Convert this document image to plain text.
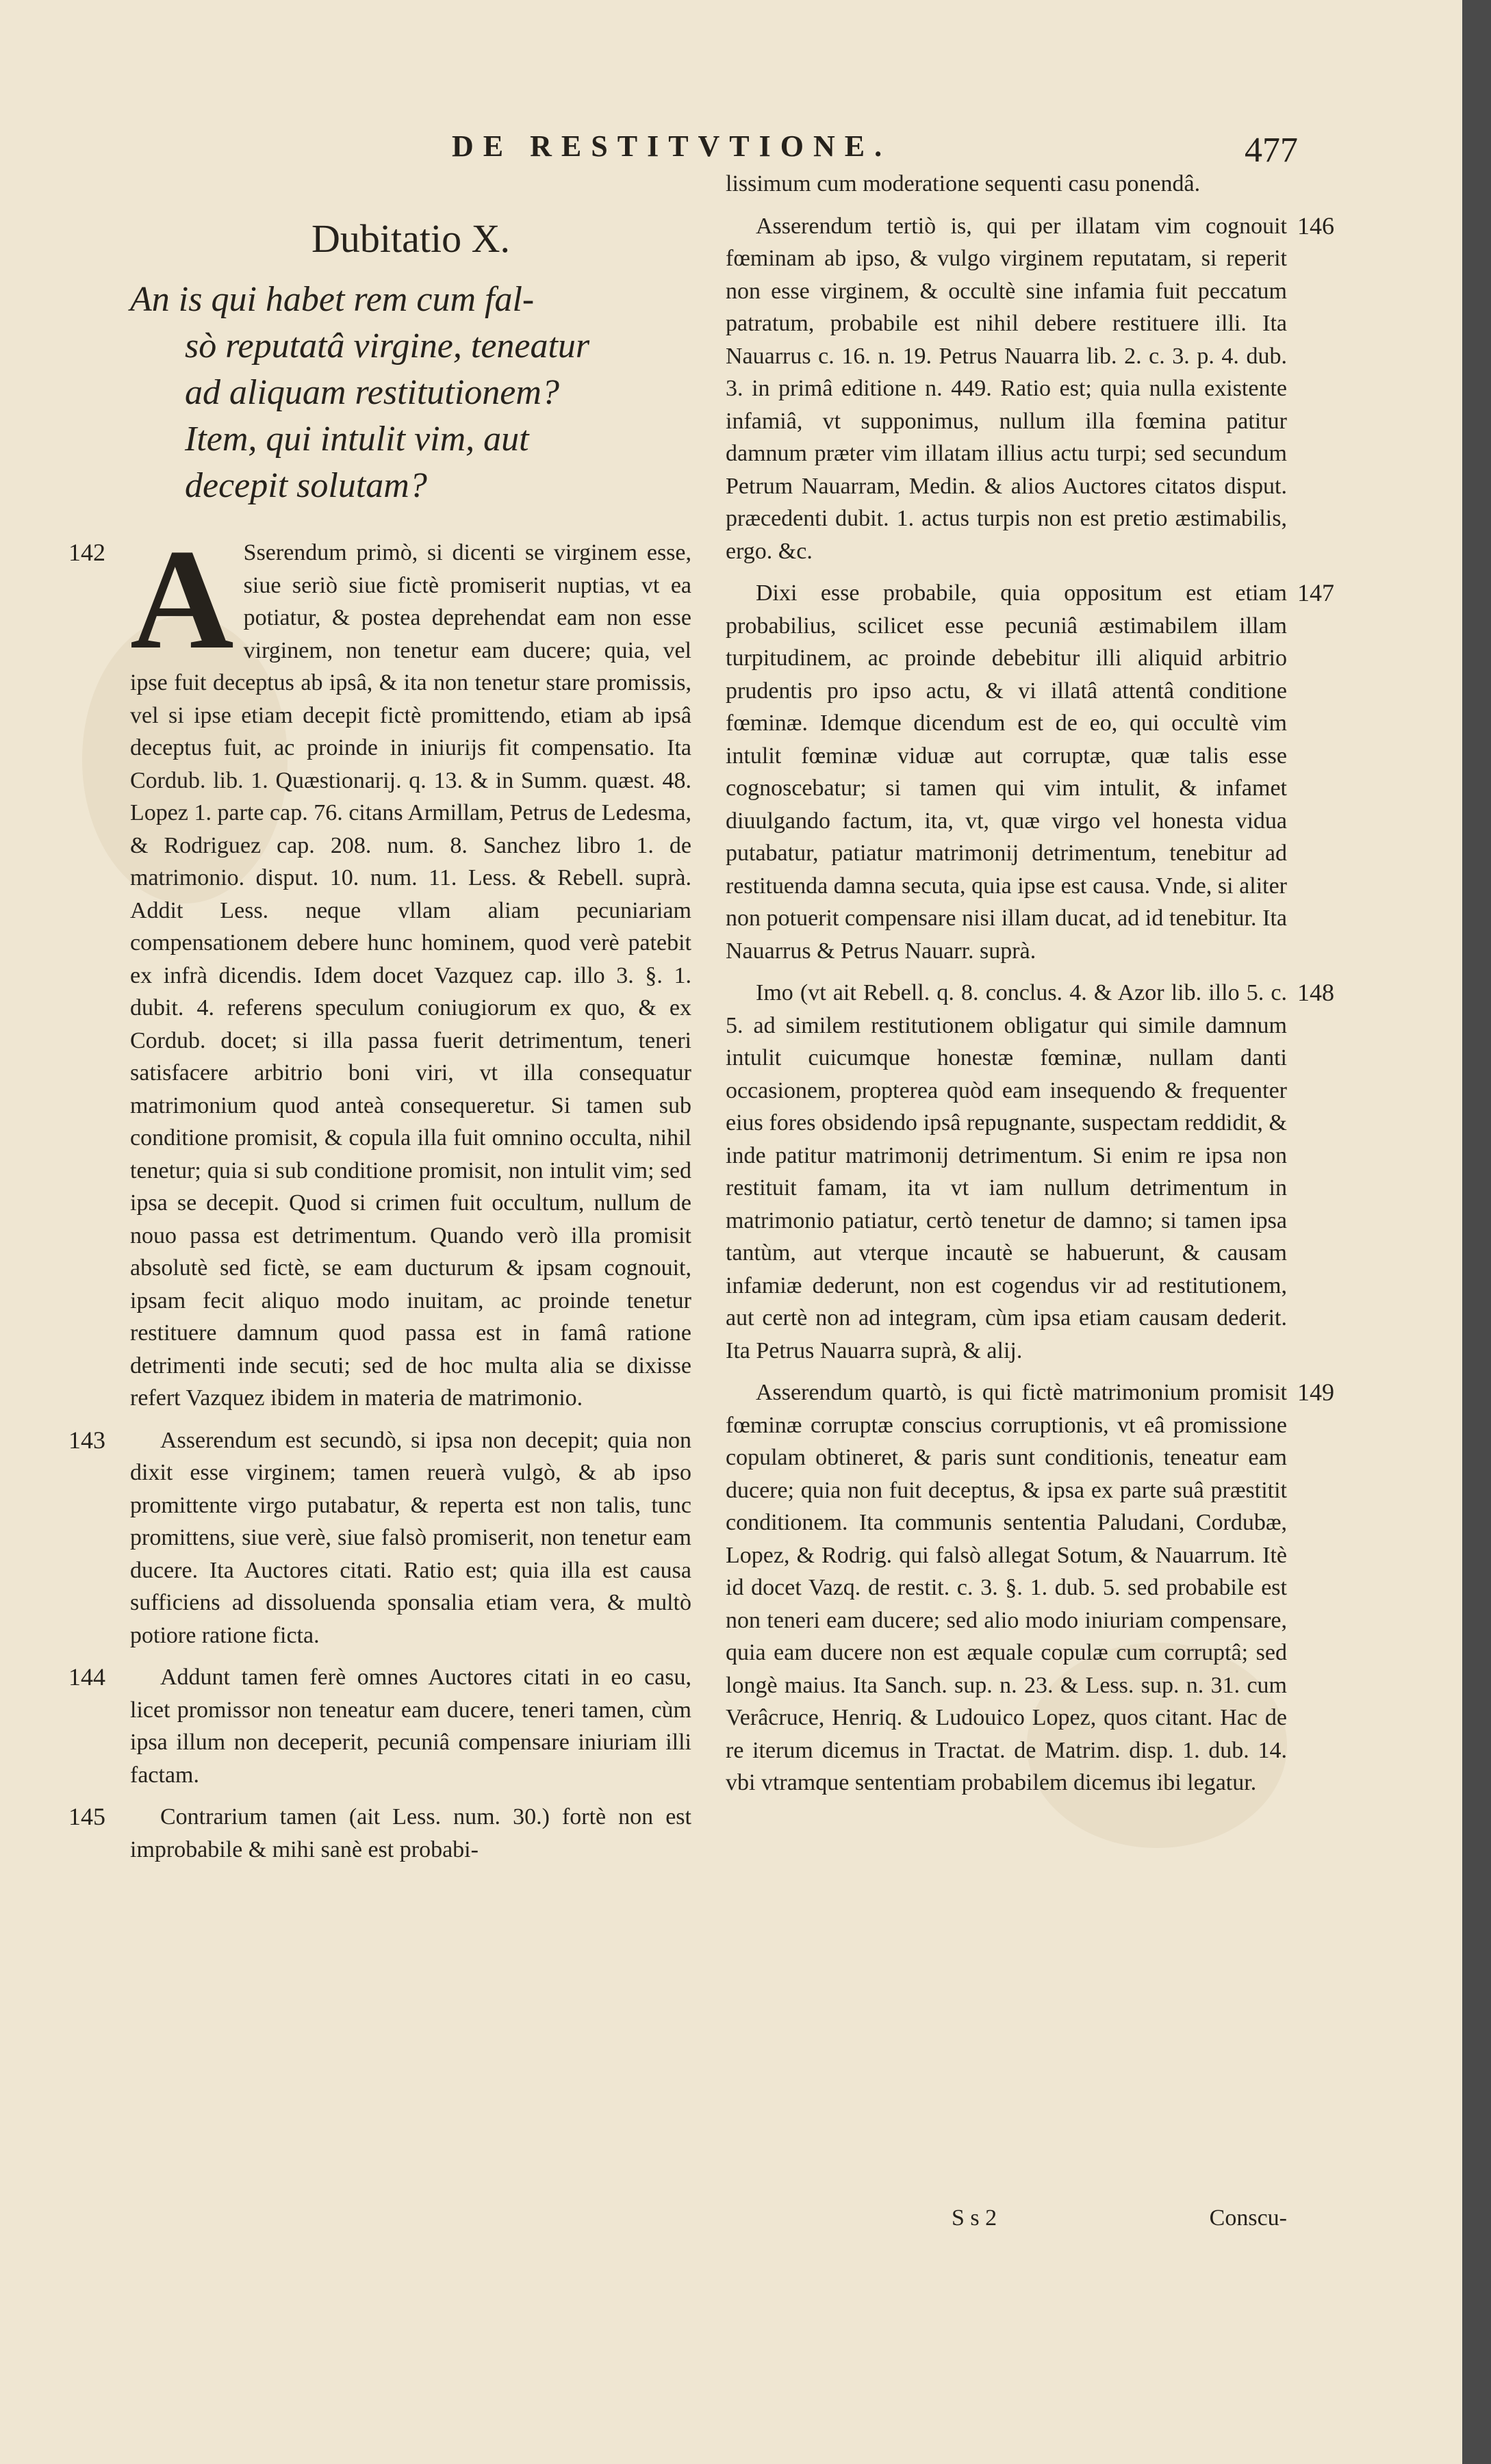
DE RESTITVTIONE.	477
Dubitatio X.
An is qui habet rem cum fal-
sò reputatâ virgine, teneatur
ad aliquam restitutionem?
Item, qui intulit vim, aut
decepit solutam?

142 A Sserendum primò, si dicenti se virginem esse, siue seriò siue fictè promiserit nuptias, vt ea potiatur, & postea deprehendat eam non esse virginem, non tenetur eam ducere; quia, vel ipse fuit deceptus ab ipsâ, & ita non tenetur stare promissis, vel si ipse etiam decepit fictè promittendo, etiam ab ipsâ deceptus fuit, ac proinde in iniurijs fit compensatio. Ita Cordub. lib. 1. Quæstionarij. q. 13. & in Summ. quæst. 48. Lopez 1. parte cap. 76. citans Armillam, Petrus de Ledesma, & Rodriguez cap. 208. num. 8. Sanchez libro 1. de matrimonio. disput. 10. num. 11. Less. & Rebell. suprà. Addit Less. neque vllam aliam pecuniariam compensationem debere hunc hominem, quod verè patebit ex infrà dicendis. Idem docet Vazquez cap. illo 3. §. 1. dubit. 4. referens speculum coniugiorum ex quo, & ex Cordub. docet; si illa passa fuerit detrimentum, teneri satisfacere arbitrio boni viri, vt illa consequatur matrimonium quod anteà consequeretur. Si tamen sub conditione promisit, & copula illa fuit omnino occulta, nihil tenetur; quia si sub conditione promisit, non intulit vim; sed ipsa se decepit. Quod si crimen fuit occultum, nullum de nouo passa est detrimentum. Quando verò illa promisit absolutè sed fictè, se eam ducturum & ipsam cognouit, ipsam fecit aliquo modo inuitam, ac proinde tenetur restituere damnum quod passa est in famâ ratione detrimenti inde secuti; sed de hoc multa alia se dixisse refert Vazquez ibidem in materia de matrimonio.

143 Asserendum est secundò, si ipsa non decepit; quia non dixit esse virginem; tamen reuerà vulgò, & ab ipso promittente virgo putabatur, & reperta est non talis, tunc promittens, siue verè, siue falsò promiserit, non tenetur eam ducere. Ita Auctores citati. Ratio est; quia illa est causa sufficiens ad dissoluenda sponsalia etiam vera, & multò potiore ratione ficta.

144 Addunt tamen ferè omnes Auctores citati in eo casu, licet promissor non teneatur eam ducere, teneri tamen, cùm ipsa illum non deceperit, pecuniâ compensare iniuriam illi factam.

145 Contrarium tamen (ait Less. num. 30.) fortè non est improbabile & mihi sanè est probabi-

lissimum cum moderatione sequenti casu ponendâ.

146
Asserendum tertiò is, qui per illatam vim cognouit fœminam ab ipso, & vulgo virginem reputatam, si reperit non esse virginem, & occultè sine infamia fuit peccatum patratum, probabile est nihil debere restituere illi. Ita Nauarrus c. 16. n. 19. Petrus Nauarra lib. 2. c. 3. p. 4. dub. 3. in primâ editione n. 449. Ratio est; quia nulla existente infamiâ, vt supponimus, nullum illa fœmina patitur damnum præter vim illatam illius actu turpi; sed secundum Petrum Nauarram, Medin. & alios Auctores citatos disput. præcedenti dubit. 1. actus turpis non est pretio æstimabilis, ergo. &c.

147
Dixi esse probabile, quia oppositum est etiam probabilius, scilicet esse pecuniâ æstimabilem illam turpitudinem, ac proinde debebitur illi aliquid arbitrio prudentis pro ipso actu, & vi illatâ attentâ conditione fœminæ. Idemque dicendum est de eo, qui occultè vim intulit fœminæ viduæ aut corruptæ, quæ talis esse cognoscebatur; si tamen qui vim intulit, & infamet diuulgando factum, ita, vt, quæ virgo vel honesta vidua putabatur, patiatur matrimonij detrimentum, tenebitur ad restituenda damna secuta, quia ipse est causa. Vnde, si aliter non potuerit compensare nisi illam ducat, ad id tenebitur. Ita Nauarrus & Petrus Nauarr. suprà.

148
Imo (vt ait Rebell. q. 8. conclus. 4. & Azor lib. illo 5. c. 5. ad similem restitutionem obligatur qui simile damnum intulit cuicumque honestæ fœminæ, nullam danti occasionem, propterea quòd eam insequendo & frequenter eius fores obsidendo ipsâ repugnante, suspectam reddidit, & inde patitur matrimonij detrimentum. Si enim re ipsa non restituit famam, ita vt iam nullum detrimentum in matrimonio patiatur, certò tenetur de damno; si tamen ipsa tantùm, aut vterque incautè se habuerunt, & causam infamiæ dederunt, non est cogendus vir ad restitutionem, aut certè non ad integram, cùm ipsa etiam causam dederit. Ita Petrus Nauarra suprà, & alij.

149
Asserendum quartò, is qui fictè matrimonium promisit fœminæ corruptæ conscius corruptionis, vt eâ promissione copulam obtineret, & paris sunt conditionis, teneatur eam ducere; quia non fuit deceptus, & ipsa ex parte suâ præstitit conditionem. Ita communis sententia Paludani, Cordubæ, Lopez, & Rodrig. qui falsò allegat Sotum, & Nauarrum. Itè id docet Vazq. de restit. c. 3. §. 1. dub. 5. sed probabile est non teneri eam ducere; sed alio modo iniuriam compensare, quia eam ducere non est æquale copulæ cum corruptâ; sed longè maius. Ita Sanch. sup. n. 23. & Less. sup. n. 31. cum Verâcruce, Henriq. & Ludouico Lopez, quos citant. Hac de re iterum dicemus in Tractat. de Matrim. disp. 1. dub. 14. vbi vtramque sententiam probabilem dicemus ibi legatur.

S s 2	Conscu-
